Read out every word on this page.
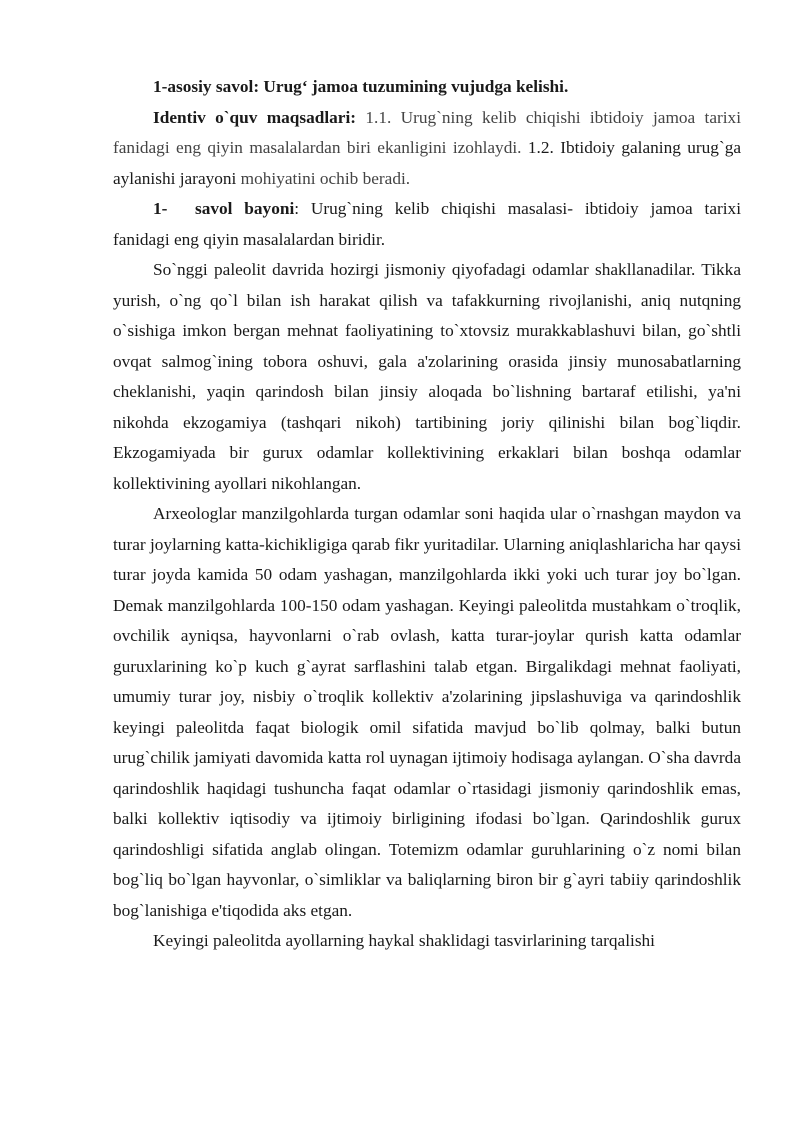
1-asosiy savol: Urug‘ jamoa tuzumining vujudga kelishi.

Identiv o`quv maqsadlari: 1.1. Urug`ning kelib chiqishi ibtidoiy jamoa tarixi fanidagi eng qiyin masalalardan biri ekanligini izohlaydi. 1.2. Ibtidoiy galaning urug`ga aylanishi jarayoni mohiyatini ochib beradi.

1- savol bayoni: Urug`ning kelib chiqishi masalasi- ibtidoiy jamoa tarixi fanidagi eng qiyin masalalardan biridir.

So`nggi paleolit davrida hozirgi jismoniy qiyofadagi odamlar shakllanadilar. Tikka yurish, o`ng qo`l bilan ish harakat qilish va tafakkurning rivojlanishi, aniq nutqning o`sishiga imkon bergan mehnat faoliyatining to`xtovsiz murakkablashuvi bilan, go`shtli ovqat salmog`ining tobora oshuvi, gala a'zolarining orasida jinsiy munosabatlarning cheklanishi, yaqin qarindosh bilan jinsiy aloqada bo`lishning bartaraf etilishi, ya'ni nikohda ekzogamiya (tashqari nikoh) tartibining joriy qilinishi bilan bog`liqdir. Ekzogamiyada bir gurux odamlar kollektivining erkaklari bilan boshqa odamlar kollektivining ayollari nikohlangan.

Arxeologlar manzilgohlarda turgan odamlar soni haqida ular o`rnashgan maydon va turar joylarning katta-kichikligiga qarab fikr yuritadilar. Ularning aniqlashlaricha har qaysi turar joyda kamida 50 odam yashagan, manzilgohlarda ikki yoki uch turar joy bo`lgan. Demak manzilgohlarda 100-150 odam yashagan. Keyingi paleolitda mustahkam o`troqlik, ovchilik ayniqsa, hayvonlarni o`rab ovlash, katta turar-joylar qurish katta odamlar guruxlarining ko`p kuch g`ayrat sarflashini talab etgan. Birgalikdagi mehnat faoliyati, umumiy turar joy, nisbiy o`troqlik kollektiv a'zolarining jipslashuviga va qarindoshlik keyingi paleolitda faqat biologik omil sifatida mavjud bo`lib qolmay, balki butun urug`chilik jamiyati davomida katta rol uynagan ijtimoiy hodisaga aylangan. O`sha davrda qarindoshlik haqidagi tushuncha faqat odamlar o`rtasidagi jismoniy qarindoshlik emas, balki kollektiv iqtisodiy va ijtimoiy birligining ifodasi bo`lgan. Qarindoshlik gurux qarindoshligi sifatida anglab olingan. Totemizm odamlar guruhlarining o`z nomi bilan bog`liq bo`lgan hayvonlar, o`simliklar va baliqlarning biron bir g`ayri tabiiy qarindoshlik bog`lanishiga e'tiqodida aks etgan.

Keyingi paleolitda ayollarning haykal shaklidagi tasvirlarining tarqalishi
